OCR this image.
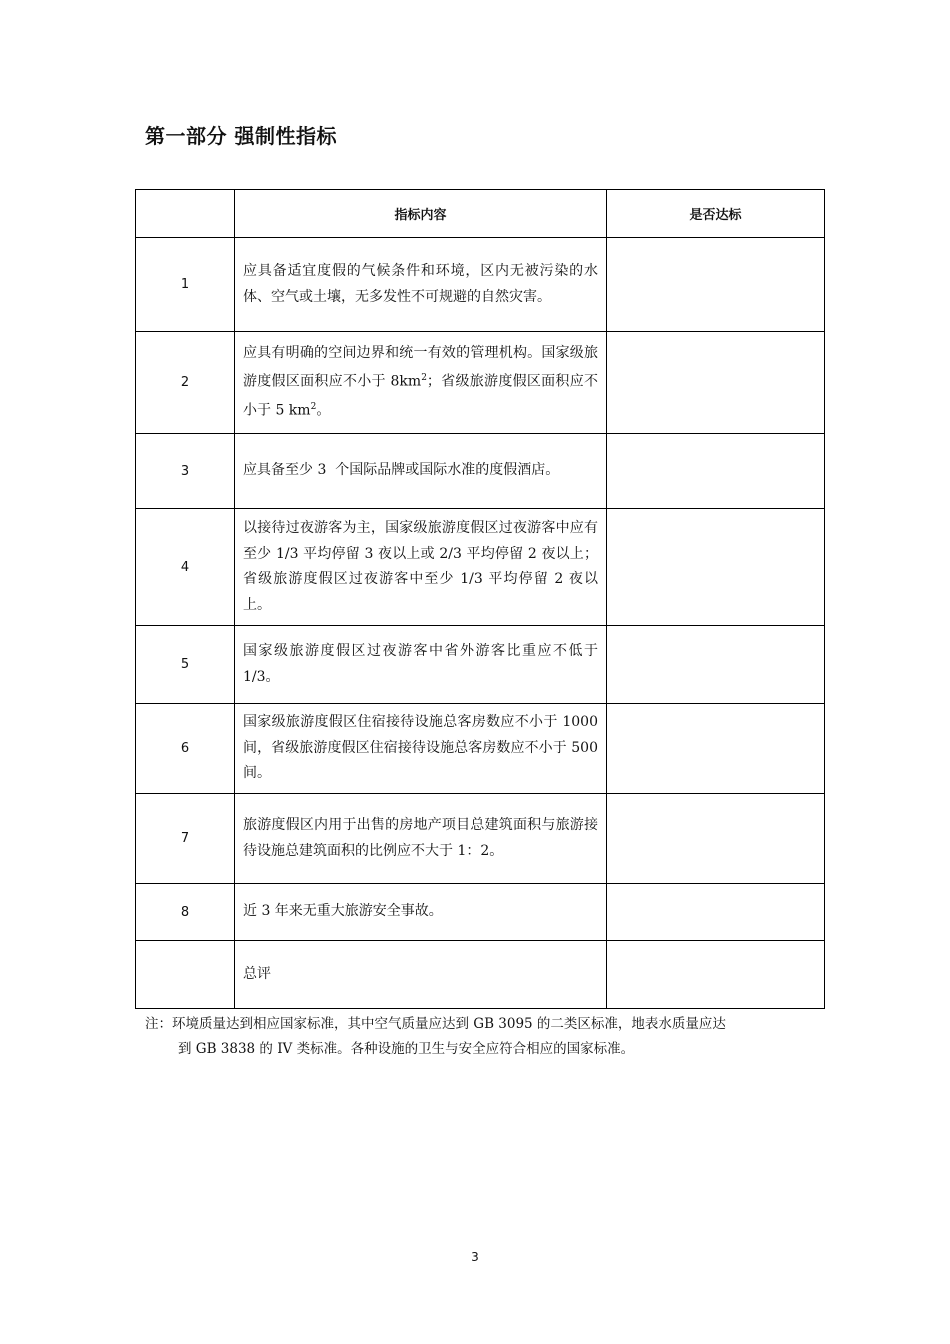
第一部分 强制性指标
	指标内容	是否达标
1	应具备适宜度假的气候条件和环境，区内无被污染的水体、空气或土壤，无多发性不可规避的自然灾害。	
2	应具有明确的空间边界和统一有效的管理机构。国家级旅游度假区面积应不小于 $8km^2$；省级旅游度假区面积应不小于 5 $km^2$。	
3	应具备至少 3  个国际品牌或国际水准的度假酒店。	
4	以接待过夜游客为主，国家级旅游度假区过夜游客中应有至少 1/3 平均停留 3 夜以上或 2/3 平均停留 2 夜以上；省级旅游度假区过夜游客中至少 1/3 平均停留 2 夜以上。	
5	国家级旅游度假区过夜游客中省外游客比重应不低于 1/3。	
6	国家级旅游度假区住宿接待设施总客房数应不小于 1000 间，省级旅游度假区住宿接待设施总客房数应不小于 500 间。	
7	旅游度假区内用于出售的房地产项目总建筑面积与旅游接待设施总建筑面积的比例应不大于 1：2。	
8	近 3 年来无重大旅游安全事故。	
	总评	

注：环境质量达到相应国家标准，其中空气质量应达到 GB 3095 的二类区标准，地表水质量应达
到 GB 3838 的 IV 类标准。各种设施的卫生与安全应符合相应的国家标准。

3
